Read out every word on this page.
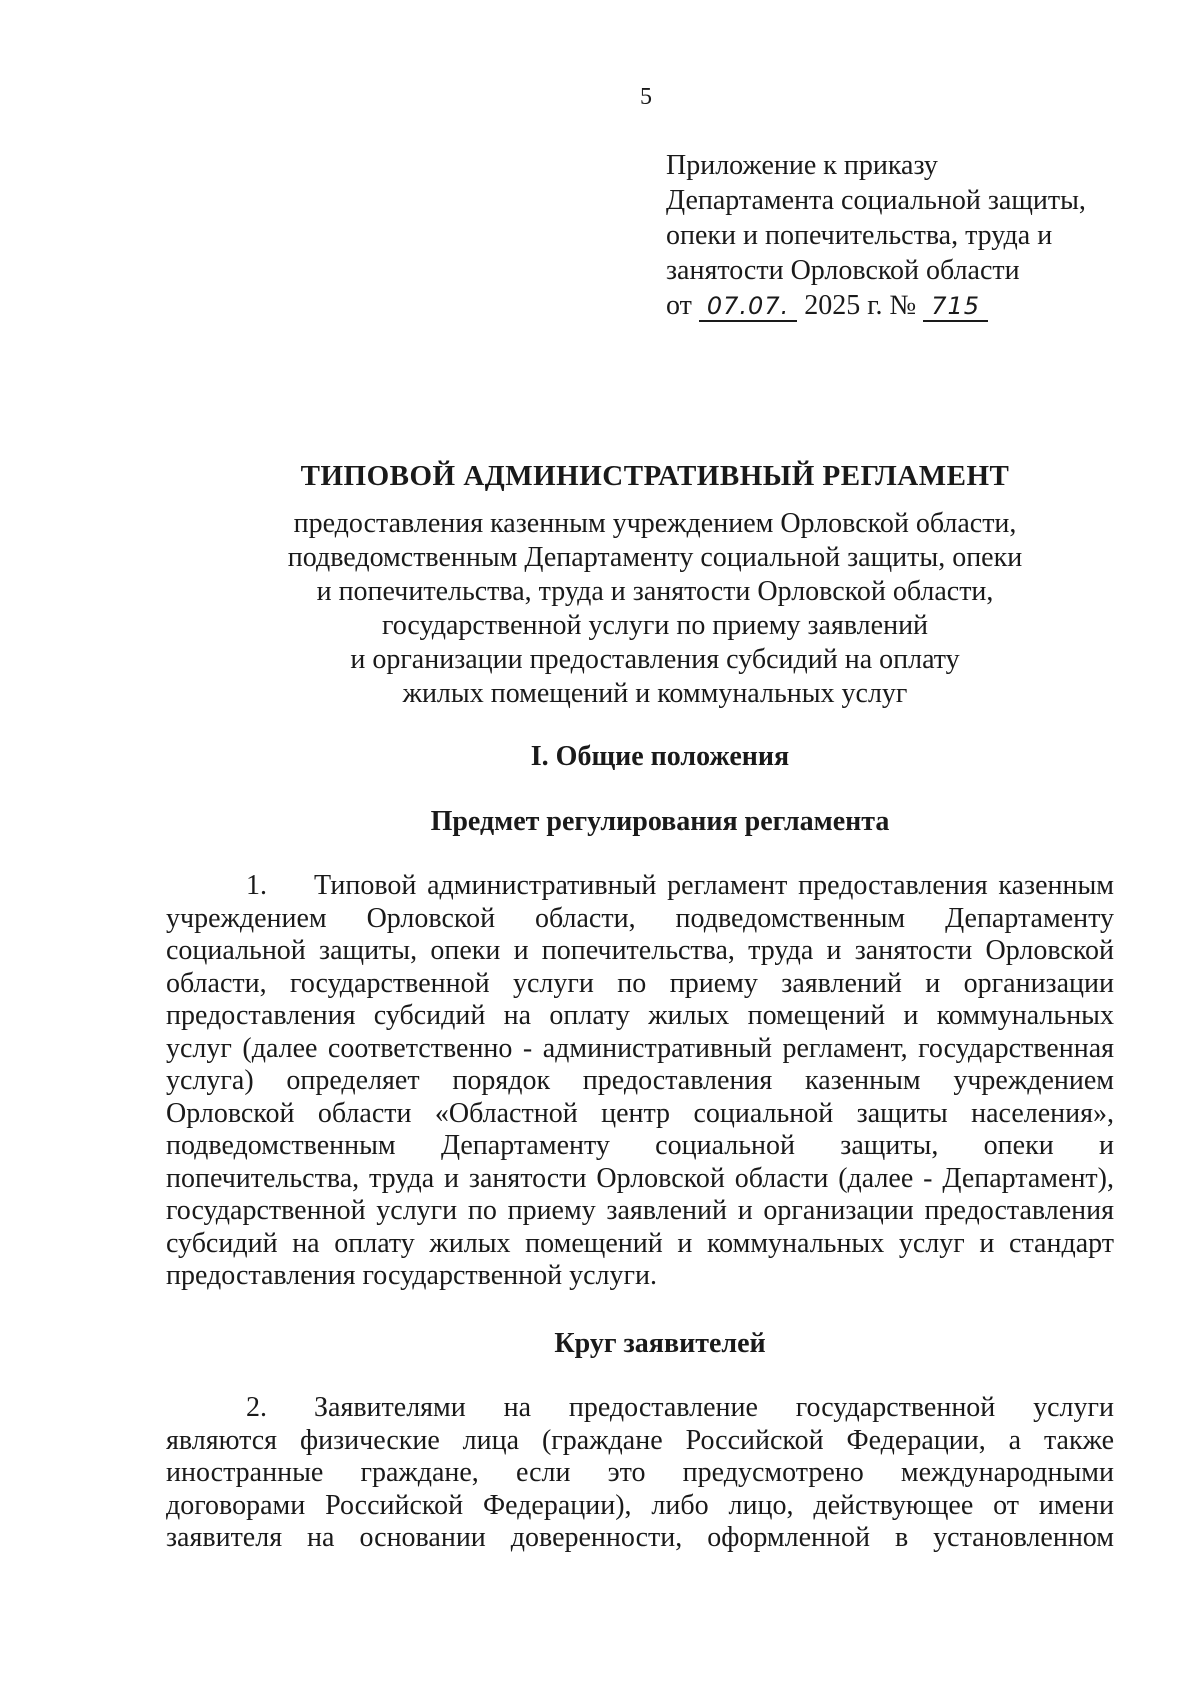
5
Приложение к приказу
Департамента социальной защиты,
опеки и попечительства, труда и
занятости Орловской области
от 07.07. 2025 г. № 715
ТИПОВОЙ АДМИНИСТРАТИВНЫЙ РЕГЛАМЕНТ
предоставления казенным учреждением Орловской области,
подведомственным Департаменту социальной защиты, опеки
и попечительства, труда и занятости Орловской области,
государственной услуги по приему заявлений
и организации предоставления субсидий на оплату
жилых помещений и коммунальных услуг
I. Общие положения
Предмет регулирования регламента
1. Типовой административный регламент предоставления казенным
учреждением Орловской области, подведомственным Департаменту
социальной защиты, опеки и попечительства, труда и занятости Орловской
области, государственной услуги по приему заявлений и организации
предоставления субсидий на оплату жилых помещений и коммунальных
услуг (далее соответственно - административный регламент, государственная
услуга) определяет порядок предоставления казенным учреждением
Орловской области «Областной центр социальной защиты населения»,
подведомственным Департаменту социальной защиты, опеки и
попечительства, труда и занятости Орловской области (далее - Департамент),
государственной услуги по приему заявлений и организации предоставления
субсидий на оплату жилых помещений и коммунальных услуг и стандарт
предоставления государственной услуги.
Круг заявителей
2. Заявителями на предоставление государственной услуги
являются физические лица (граждане Российской Федерации, а также
иностранные граждане, если это предусмотрено международными
договорами Российской Федерации), либо лицо, действующее от имени
заявителя на основании доверенности, оформленной в установленном
